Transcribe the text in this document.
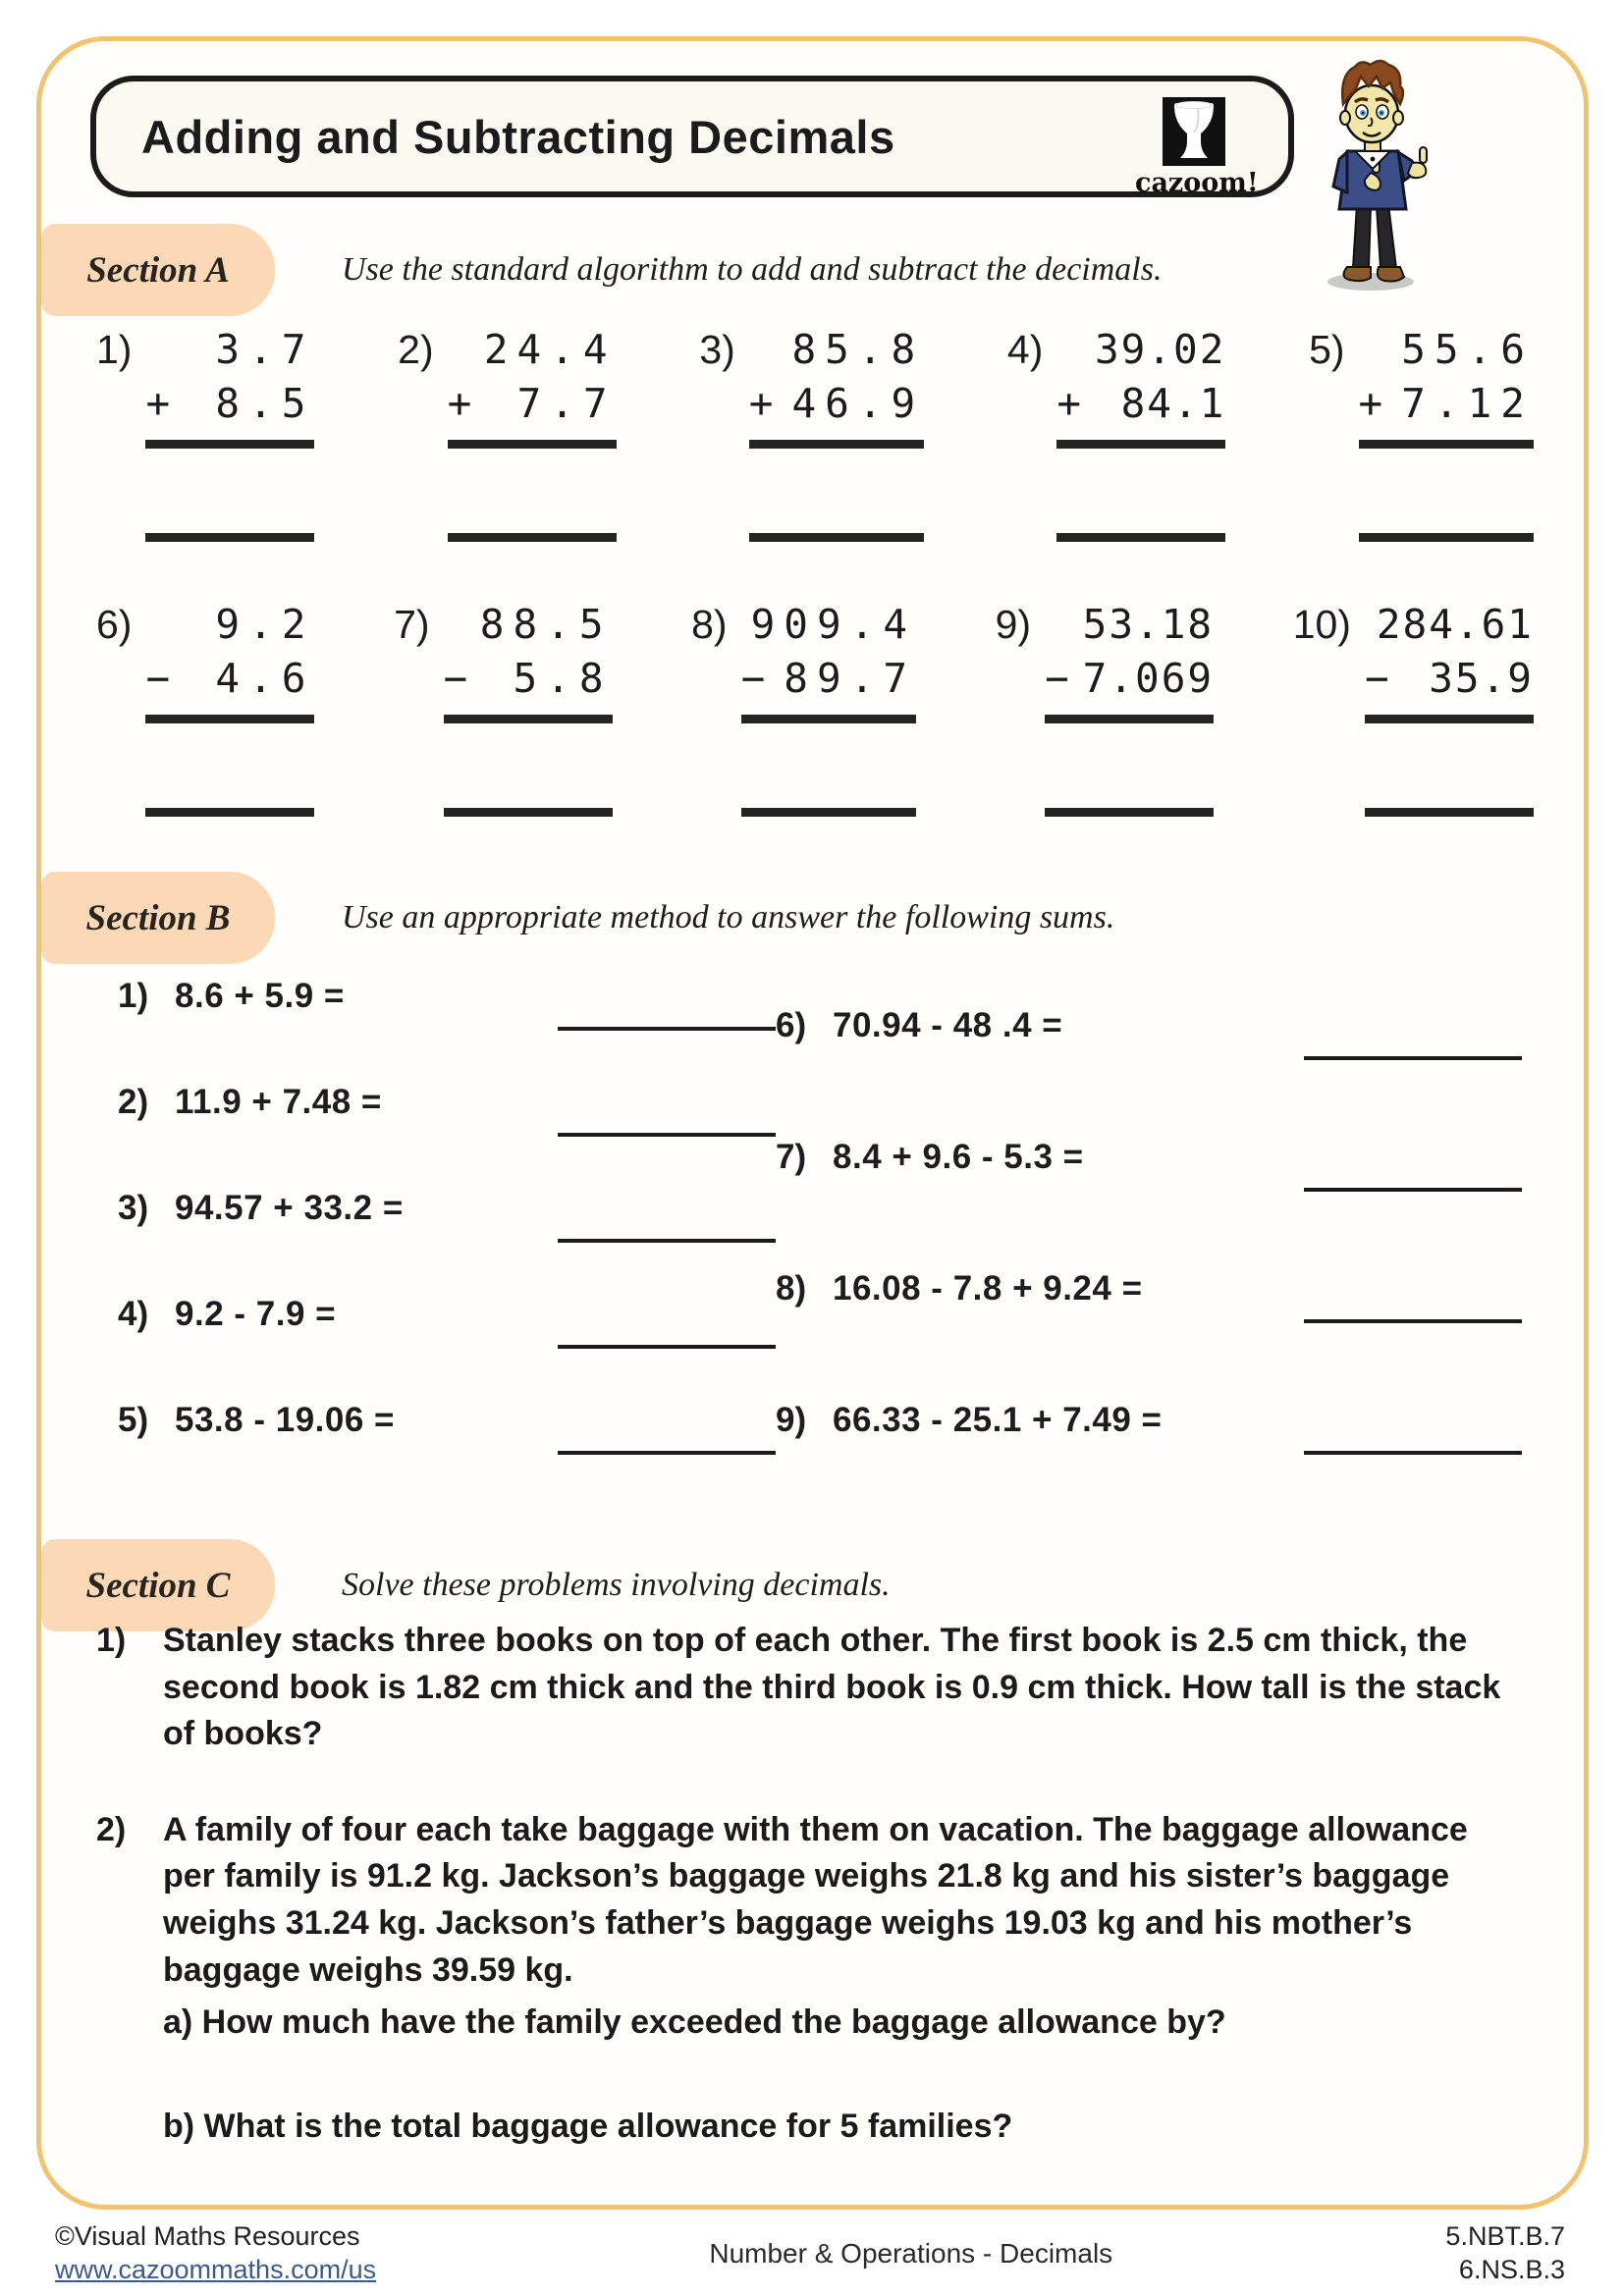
Adding and Subtracting Decimals
cazoom!
Section A	Use the standard algorithm to add and subtract the decimals.
1)	3.7
+ 8.5
2)	24.4
+ 7.7
3)	85.8
+ 46.9
4)	39.02
+ 84.1
5)	55.6
+ 7.12
6)	9.2
− 4.6
7)	88.5
− 5.8
8) 909.4
− 89.7
9)	53.18
− 7.069
10) 284.61
− 35.9
Section B	Use an appropriate method to answer the following sums.
1) 8.6 + 5.9 =
2) 11.9 + 7.48 =
3) 94.57 + 33.2 =
4) 9.2 - 7.9 =
5) 53.8 - 19.06 =
6) 70.94 - 48 .4 =
7) 8.4 + 9.6 - 5.3 =
8) 16.08 - 7.8 + 9.24 =
9) 66.33 - 25.1 + 7.49 =
Section C	Solve these problems involving decimals.
1)	Stanley stacks three books on top of each other. The first book is 2.5 cm thick, the second book is 1.82 cm thick and the third book is 0.9 cm thick. How tall is the stack of books?
2)	A family of four each take baggage with them on vacation. The baggage allowance per family is 91.2 kg. Jackson’s baggage weighs 21.8 kg and his sister’s baggage weighs 31.24 kg. Jackson’s father’s baggage weighs 19.03 kg and his mother’s baggage weighs 39.59 kg.
a) How much have the family exceeded the baggage allowance by?
b) What is the total baggage allowance for 5 families?
©Visual Maths Resources
www.cazoommaths.com/us
Number & Operations - Decimals
5.NBT.B.7
6.NS.B.3
